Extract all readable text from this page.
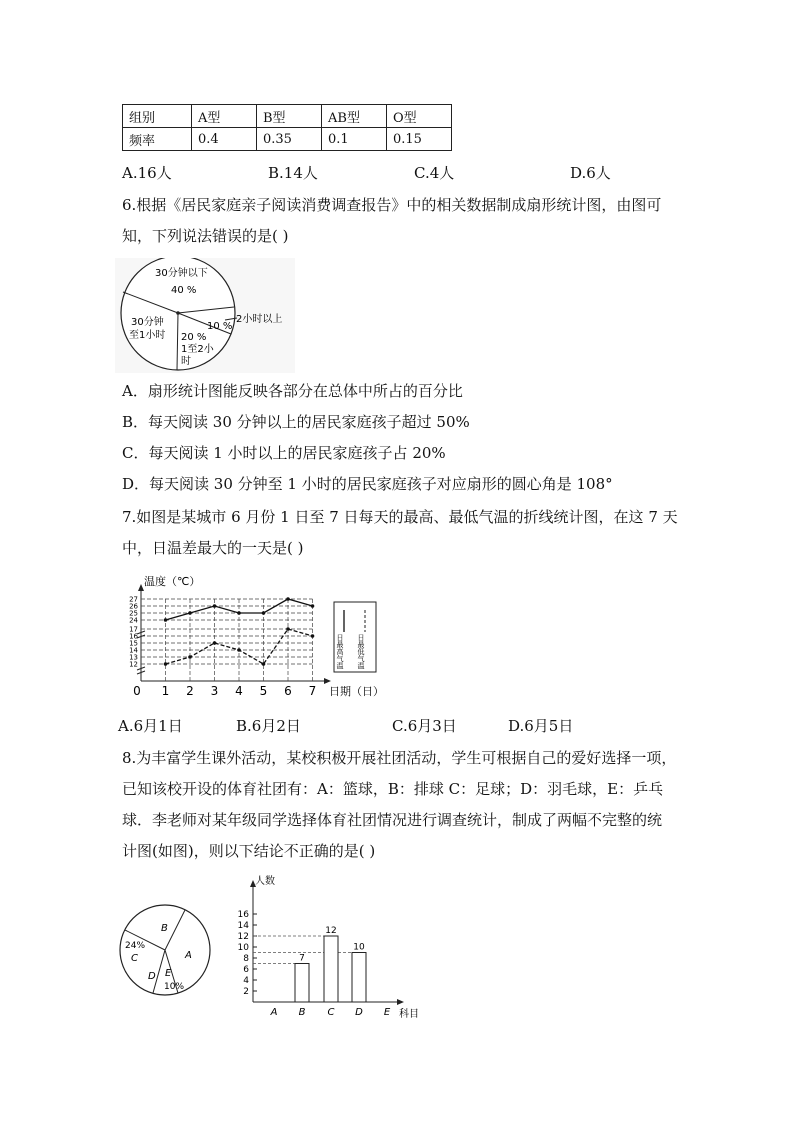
组别	A型	B型	AB型	O型
频率	0.4	0.35	0.1	0.15
A.16人	B.14人	C.4人	D.6人
6.根据《居民家庭亲子阅读消费调查报告》中的相关数据制成扇形统计图，由图可
知，下列说法错误的是( )
30分钟以下
40 %
30分钟
至1小时 20 %
1至2小
时
10 %
2小时以上
A．扇形统计图能反映各部分在总体中所占的百分比
B．每天阅读 30 分钟以上的居民家庭孩子超过 50%
C．每天阅读 1 小时以上的居民家庭孩子占 20%
D．每天阅读 30 分钟至 1 小时的居民家庭孩子对应扇形的圆心角是 108°
7.如图是某城市 6 月份 1 日至 7 日每天的最高、最低气温的折线统计图，在这 7 天
中，日温差最大的一天是( )
温度（℃）
日期（日）
27
26
25
24
17
16
15
14
13
12
0 1 2 3 4 5 6 7
日最高气温 日最低气温
A.6月1日	B.6月2日	C.6月3日	D.6月5日
8.为丰富学生课外活动，某校积极开展社团活动，学生可根据自己的爱好选择一项，
已知该校开设的体育社团有：A：篮球，B：排球 C：足球；D：羽毛球，E：乒乓
球．李老师对某年级同学选择体育社团情况进行调查统计，制成了两幅不完整的统
计图(如图)，则以下结论不正确的是( )
B
A
24%
C
D E
10%
人数
科目
2
4
6
8
10
12
14
16
7
12
10
A B C D E
